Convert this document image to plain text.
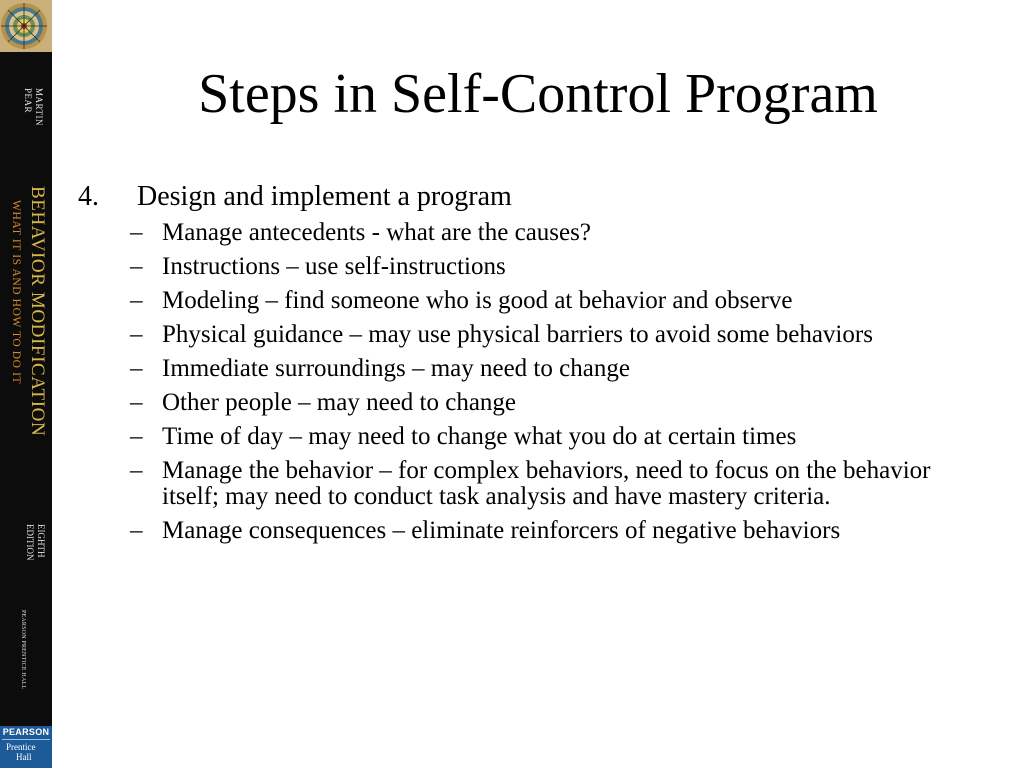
MARTIN
PEAR
BEHAVIOR MODIFICATION
WHAT IT IS AND HOW TO DO IT
EIGHTH
EDITION
PEARSON PRENTICE HALL
PEARSON
Prentice
Hall
Steps in Self-Control Program
4. Design and implement a program
– Manage antecedents - what are the causes?
– Instructions – use self-instructions
– Modeling – find someone who is good at behavior and observe
– Physical guidance – may use physical barriers to avoid some behaviors
– Immediate surroundings – may need to change
– Other people – may need to change
– Time of day – may need to change what you do at certain times
– Manage the behavior – for complex behaviors, need to focus on the behavior itself; may need to conduct task analysis and have mastery criteria.
– Manage consequences – eliminate reinforcers of negative behaviors
